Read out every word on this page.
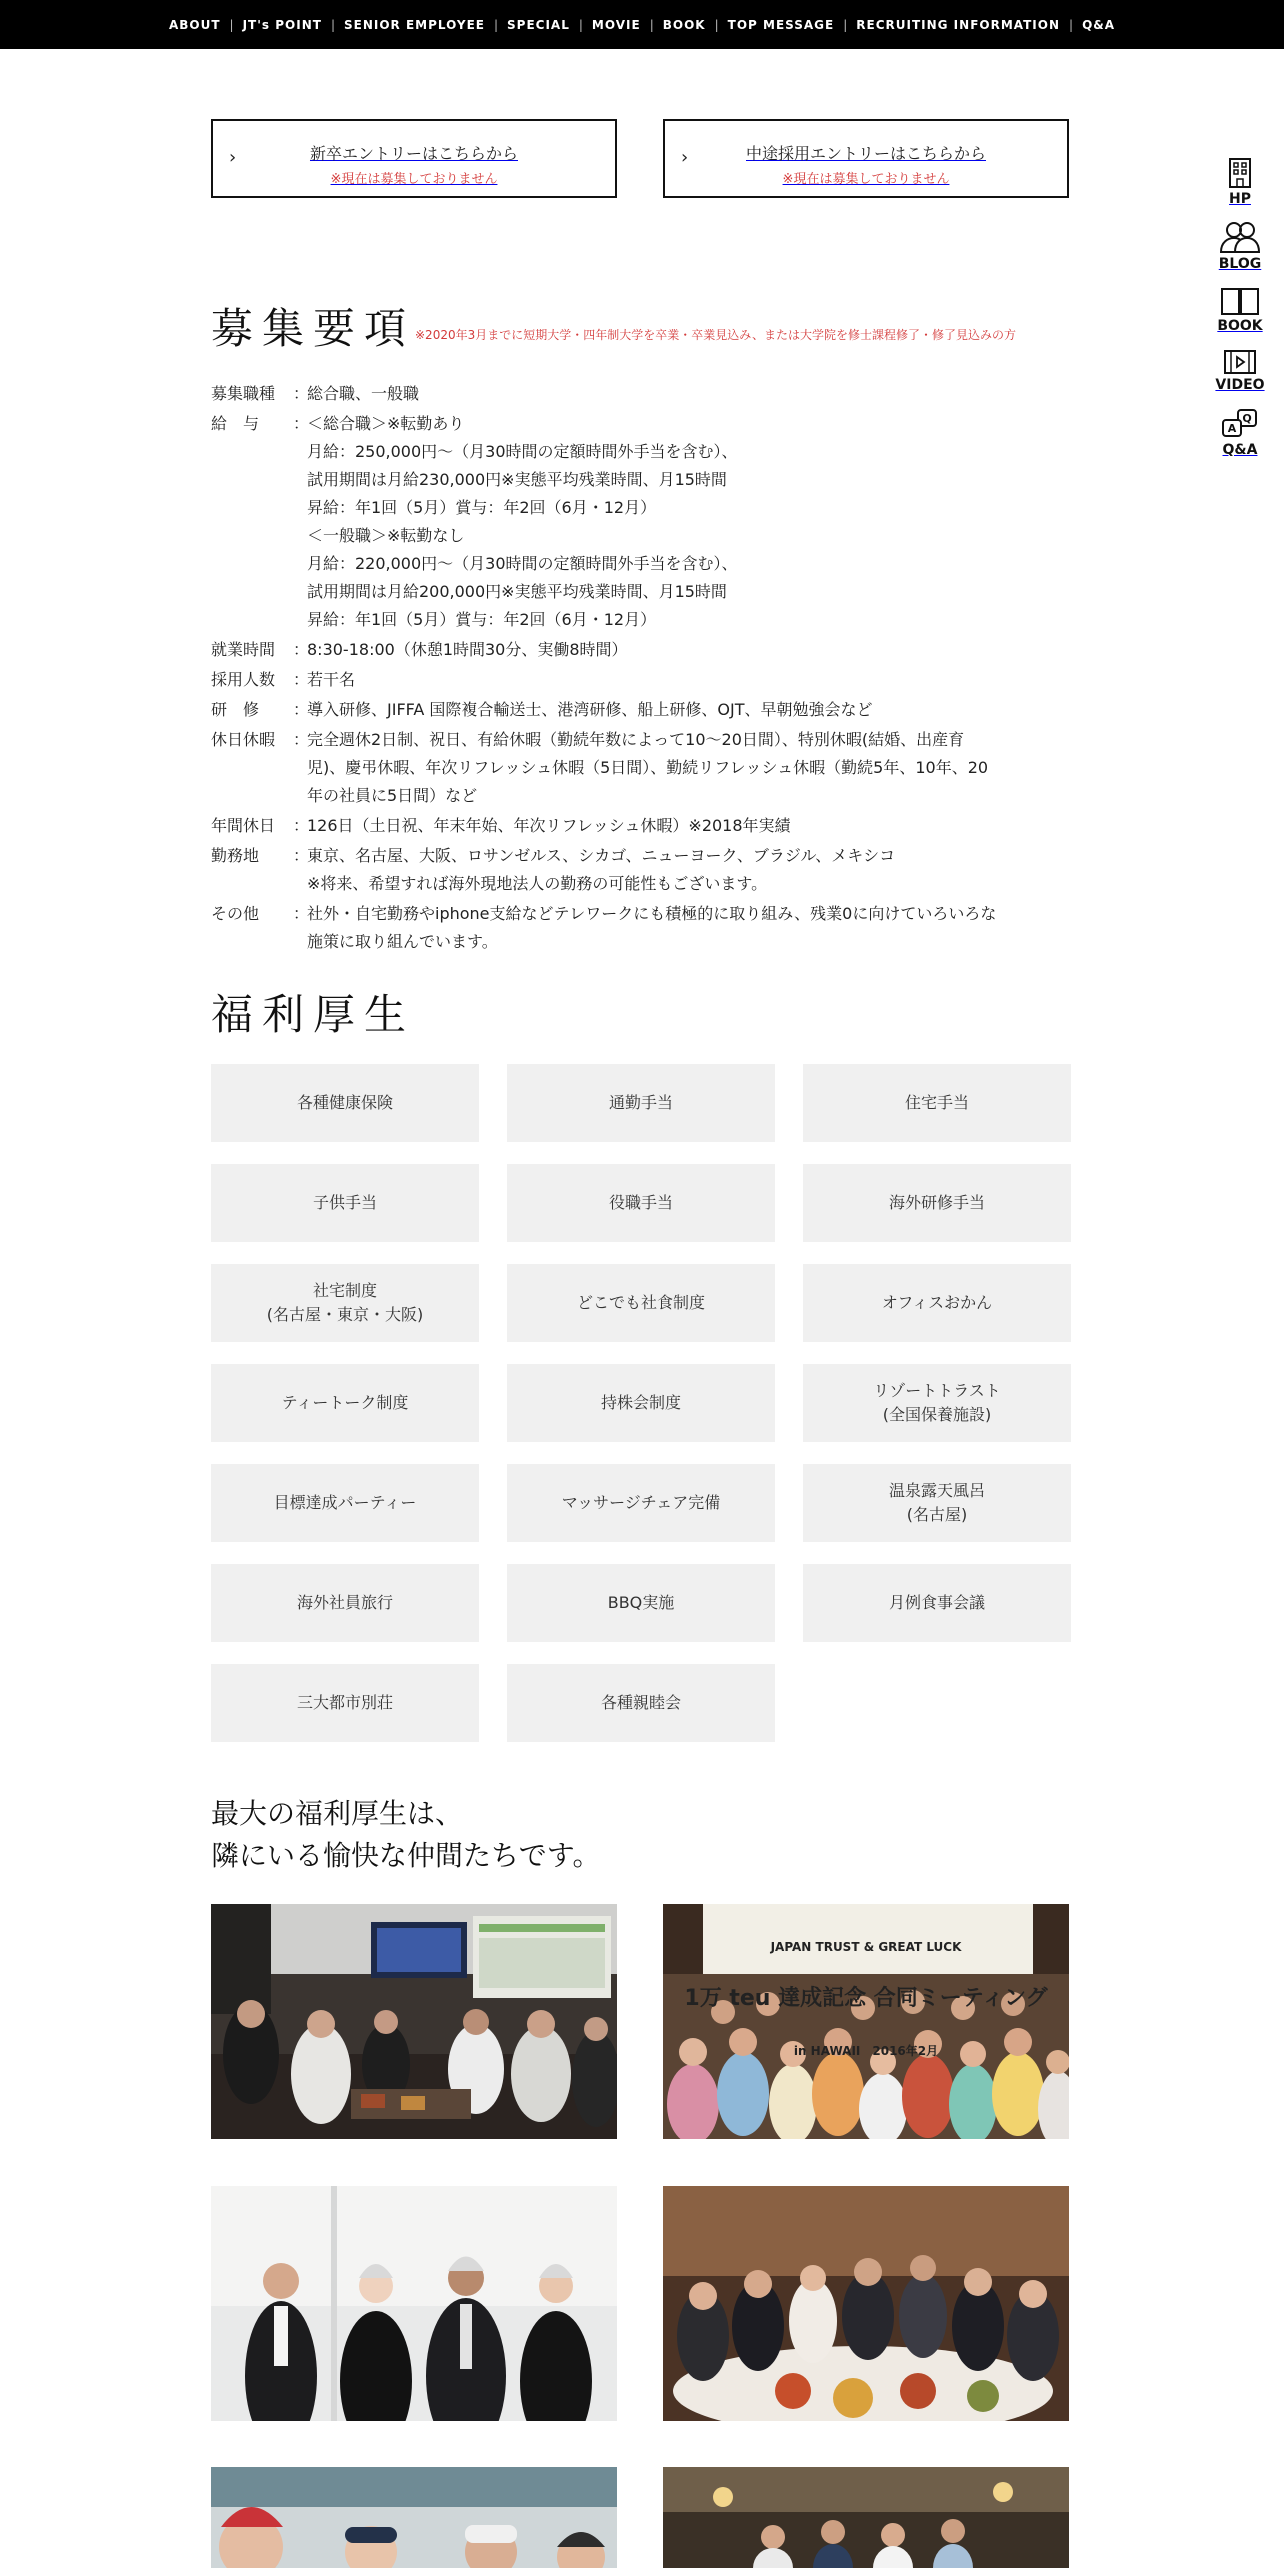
ABOUT | JT's POINT | SENIOR EMPLOYEE | SPECIAL | MOVIE | BOOK | TOP MESSAGE | RECRUITING INFORMATION | Q&A
›	新卒エントリーはこちらから
※現在は募集しておりません
›	中途採用エントリーはこちらから
※現在は募集しておりません
HP
BLOG
BOOK
VIDEO
Q
A
Q&A
募集要項 ※2020年3月までに短期大学・四年制大学を卒業・卒業見込み、または大学院を修士課程修了・修了見込みの方
募集職種	：
総合職、一般職
給　与	：
＜総合職＞※転勤あり
月給：250,000円～（月30時間の定額時間外手当を含む）、
試用期間は月給230,000円※実態平均残業時間、月15時間
昇給：年1回（5月）賞与：年2回（6月・12月）
＜一般職＞※転勤なし
月給：220,000円～（月30時間の定額時間外手当を含む）、
試用期間は月給200,000円※実態平均残業時間、月15時間
昇給：年1回（5月）賞与：年2回（6月・12月）
就業時間	：
8:30-18:00（休憩1時間30分、実働8時間）
採用人数	：
若干名
研　修	：
導入研修、JIFFA 国際複合輸送士、港湾研修、船上研修、OJT、早朝勉強会など
休日休暇	：
完全週休2日制、祝日、有給休暇（勤続年数によって10～20日間）、特別休暇(結婚、出産育
児)、慶弔休暇、年次リフレッシュ休暇（5日間）、勤続リフレッシュ休暇（勤続5年、10年、20
年の社員に5日間）など
年間休日	：
126日（土日祝、年末年始、年次リフレッシュ休暇）※2018年実績
勤務地	：
東京、名古屋、大阪、ロサンゼルス、シカゴ、ニューヨーク、ブラジル、メキシコ
※将来、希望すれば海外現地法人の勤務の可能性もございます。
その他	：
社外・自宅勤務やiphone支給などテレワークにも積極的に取り組み、残業0に向けていろいろな
施策に取り組んでいます。
福利厚生
各種健康保険	通勤手当	住宅手当
子供手当	役職手当	海外研修手当
社宅制度
(名古屋・東京・大阪)
どこでも社食制度	オフィスおかん
ティートーク制度	持株会制度
リゾートトラスト
(全国保養施設)
目標達成パーティー	マッサージチェア完備
温泉露天風呂
(名古屋)
海外社員旅行	BBQ実施	月例食事会議
三大都市別荘	各種親睦会
最大の福利厚生は、
隣にいる愉快な仲間たちです。

JAPAN TRUST & GREAT LUCK

1万 teu 達成記念 合同ミーティング

in HAWAII　2016年2月
